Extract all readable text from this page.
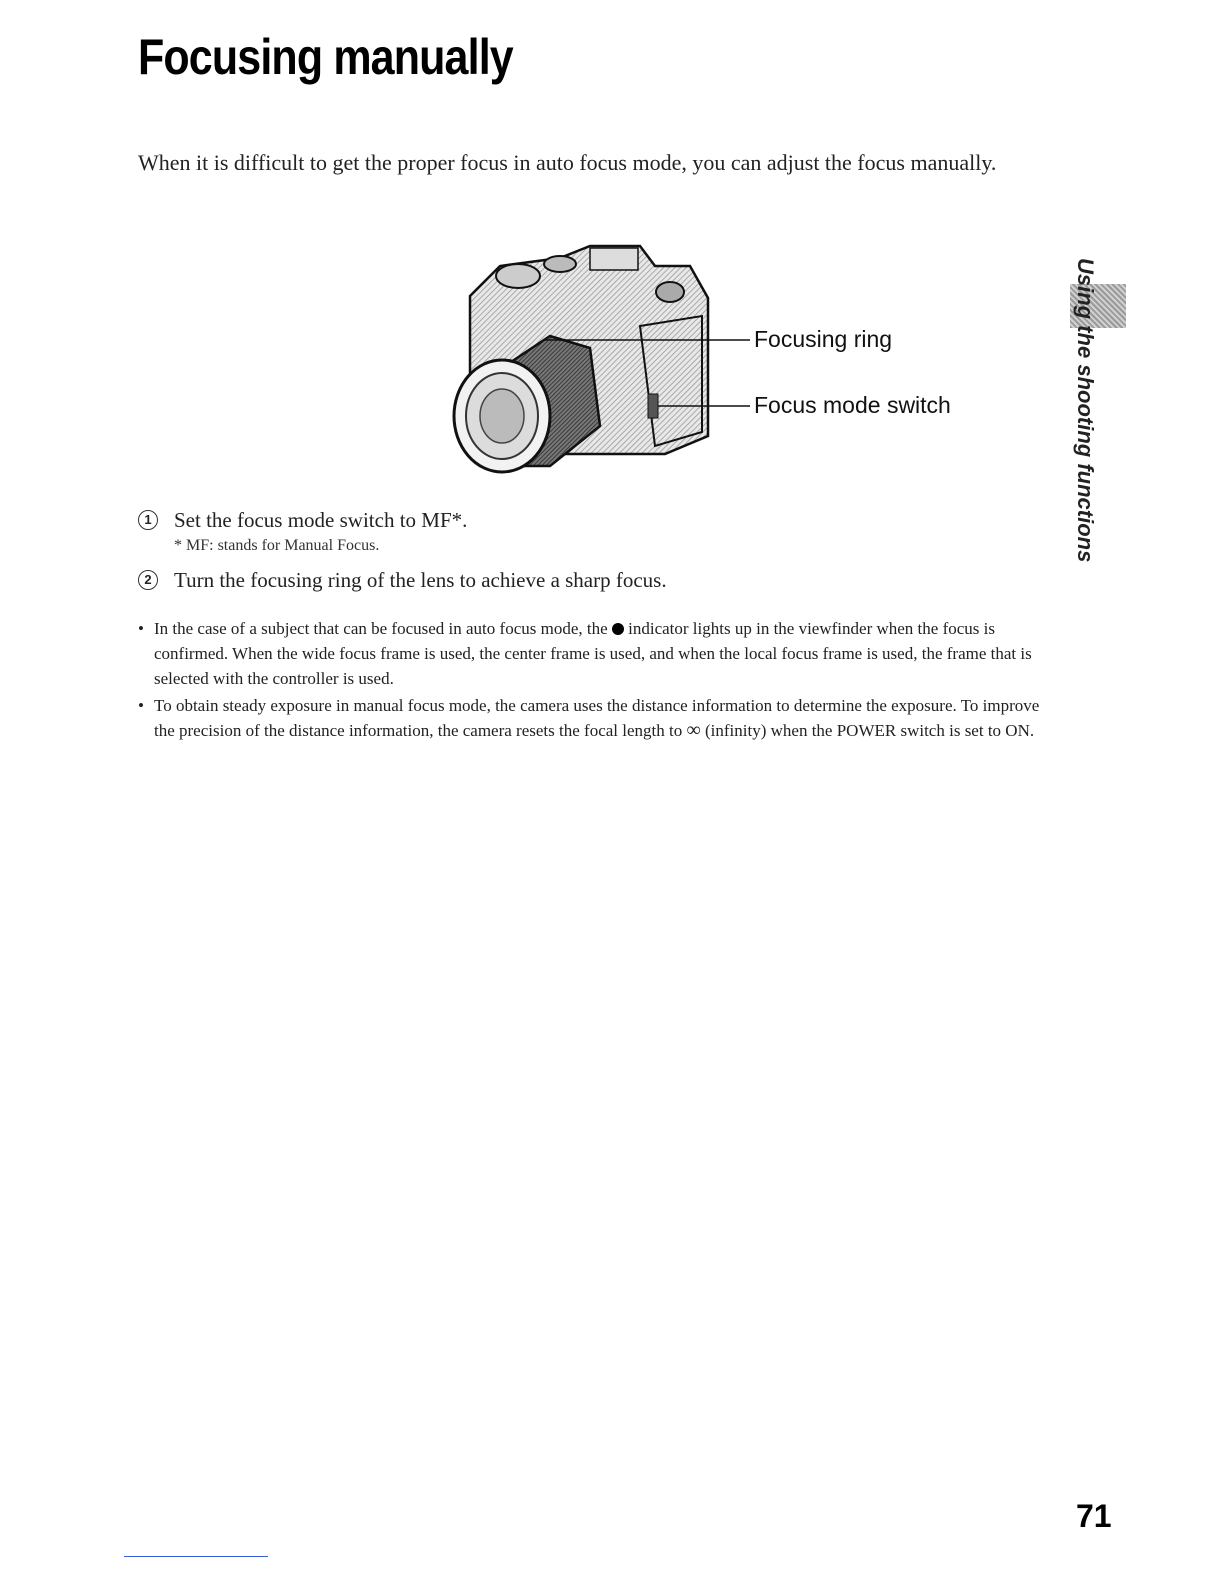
Focusing manually

When it is difficult to get the proper focus in auto focus mode, you can adjust the focus manually.

Focusing ring
Focus mode switch
1	Set the focus mode switch to MF*.
* MF: stands for Manual Focus.
2	Turn the focusing ring of the lens to achieve a sharp focus.
• In the case of a subject that can be focused in auto focus mode, the indicator lights up in the viewfinder when the focus is confirmed. When the wide focus frame is used, the center frame is used, and when the local focus frame is used, the frame that is selected with the controller is used.
• To obtain steady exposure in manual focus mode, the camera uses the distance information to determine the exposure. To improve the precision of the distance information, the camera resets the focal length to ∞ (infinity) when the POWER switch is set to ON.
Using the shooting functions
71
